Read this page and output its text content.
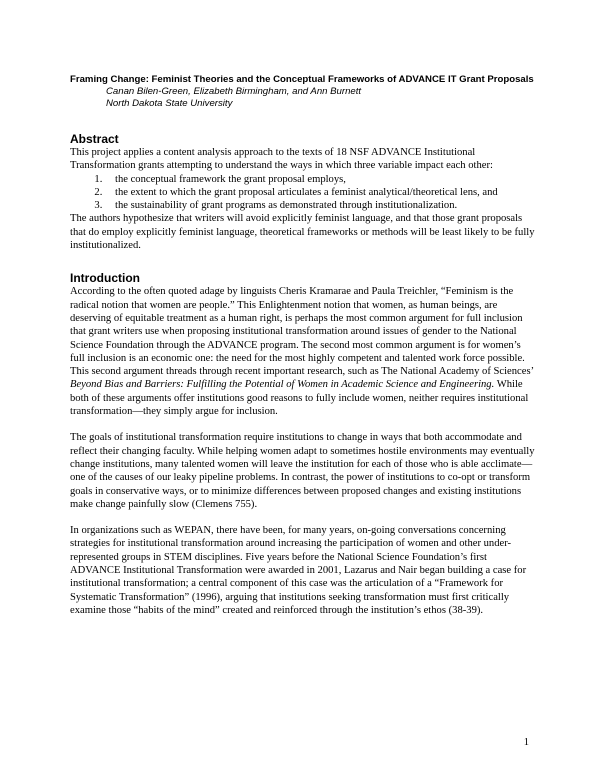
Framing Change: Feminist Theories and the Conceptual Frameworks of ADVANCE IT Grant Proposals
Canan Bilen-Green, Elizabeth Birmingham, and Ann Burnett
North Dakota State University
Abstract

This project applies a content analysis approach to the texts of 18 NSF ADVANCE Institutional Transformation grants attempting to understand the ways in which three variable impact each other:

1. the conceptual framework the grant proposal employs,
2. the extent to which the grant proposal articulates a feminist analytical/theoretical lens, and
3. the sustainability of grant programs as demonstrated through institutionalization.

The authors hypothesize that writers will avoid explicitly feminist language, and that those grant proposals that do employ explicitly feminist language, theoretical frameworks or methods will be least likely to be fully institutionalized.

Introduction

According to the often quoted adage by linguists Cheris Kramarae and Paula Treichler, “Feminism is the radical notion that women are people.” This Enlightenment notion that women, as human beings, are deserving of equitable treatment as a human right, is perhaps the most common argument for full inclusion that grant writers use when proposing institutional transformation around issues of gender to the National Science Foundation through the ADVANCE program. The second most common argument is for women’s full inclusion is an economic one: the need for the most highly competent and talented work force possible. This second argument threads through recent important research, such as The National Academy of Sciences’ Beyond Bias and Barriers: Fulfilling the Potential of Women in Academic Science and Engineering. While both of these arguments offer institutions good reasons to fully include women, neither requires institutional transformation—they simply argue for inclusion.

The goals of institutional transformation require institutions to change in ways that both accommodate and reflect their changing faculty. While helping women adapt to sometimes hostile environments may eventually change institutions, many talented women will leave the institution for each of those who is able acclimate—one of the causes of our leaky pipeline problems. In contrast, the power of institutions to co-opt or transform goals in conservative ways, or to minimize differences between proposed changes and existing institutions make change painfully slow (Clemens 755).

In organizations such as WEPAN, there have been, for many years, on-going conversations concerning strategies for institutional transformation around increasing the participation of women and other under-represented groups in STEM disciplines. Five years before the National Science Foundation’s first ADVANCE Institutional Transformation were awarded in 2001, Lazarus and Nair began building a case for institutional transformation; a central component of this case was the articulation of a “Framework for Systematic Transformation” (1996), arguing that institutions seeking transformation must first critically examine those “habits of the mind” created and reinforced through the institution’s ethos (38-39).

1
